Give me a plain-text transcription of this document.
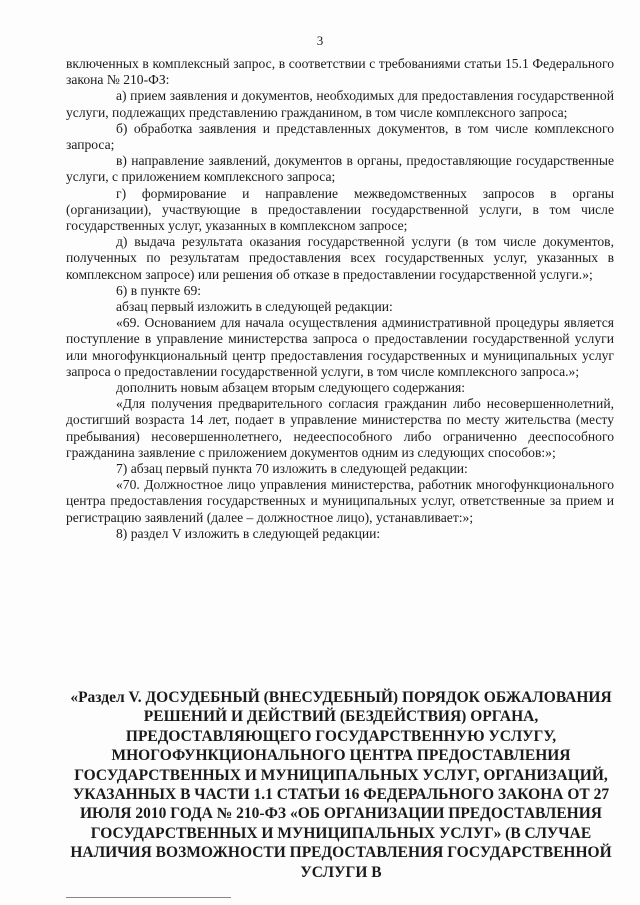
3

включенных в комплексный запрос, в соответствии с требованиями статьи 15.1 Федерального закона № 210-ФЗ:

а) прием заявления и документов, необходимых для предоставления государственной услуги, подлежащих представлению гражданином, в том числе комплексного запроса;

б) обработка заявления и представленных документов, в том числе комплексного запроса;

в) направление заявлений, документов в органы, предоставляющие государственные услуги, с приложением комплексного запроса;

г) формирование и направление межведомственных запросов в органы (организации), участвующие в предоставлении государственной услуги, в том числе государственных услуг, указанных в комплексном запросе;

д) выдача результата оказания государственной услуги (в том числе документов, полученных по результатам предоставления всех государственных услуг, указанных в комплексном запросе) или решения об отказе в предоставлении государственной услуги.»;

6) в пункте 69:

абзац первый изложить в следующей редакции:

«69. Основанием для начала осуществления административной процедуры является поступление в управление министерства запроса о предоставлении государственной услуги или многофункциональный центр предоставления государственных и муниципальных услуг запроса о предоставлении государственной услуги, в том числе комплексного запроса.»;

дополнить новым абзацем вторым следующего содержания:

«Для получения предварительного согласия гражданин либо несовершеннолетний, достигший возраста 14 лет, подает в управление министерства по месту жительства (месту пребывания) несовершеннолетнего, недееспособного либо ограниченно дееспособного гражданина заявление с приложением документов одним из следующих способов:»;

7) абзац первый пункта 70 изложить в следующей редакции:

«70. Должностное лицо управления министерства, работник многофункционального центра предоставления государственных и муниципальных услуг, ответственные за прием и регистрацию заявлений (далее – должностное лицо), устанавливает:»;

8) раздел V изложить в следующей редакции:

«Раздел V. ДОСУДЕБНЫЙ (ВНЕСУДЕБНЫЙ) ПОРЯДОК ОБЖАЛОВАНИЯ РЕШЕНИЙ И ДЕЙСТВИЙ (БЕЗДЕЙСТВИЯ) ОРГАНА, ПРЕДОСТАВЛЯЮЩЕГО ГОСУДАРСТВЕННУЮ УСЛУГУ, МНОГОФУНКЦИОНАЛЬНОГО ЦЕНТРА ПРЕДОСТАВЛЕНИЯ ГОСУДАРСТВЕННЫХ И МУНИЦИПАЛЬНЫХ УСЛУГ, ОРГАНИЗАЦИЙ, УКАЗАННЫХ В ЧАСТИ 1.1 СТАТЬИ 16 ФЕДЕРАЛЬНОГО ЗАКОНА ОТ 27 ИЮЛЯ 2010 ГОДА № 210-ФЗ «ОБ ОРГАНИЗАЦИИ ПРЕДОСТАВЛЕНИЯ ГОСУДАРСТВЕННЫХ И МУНИЦИПАЛЬНЫХ УСЛУГ» (В СЛУЧАЕ НАЛИЧИЯ ВОЗМОЖНОСТИ ПРЕДОСТАВЛЕНИЯ ГОСУДАРСТВЕННОЙ УСЛУГИ В
